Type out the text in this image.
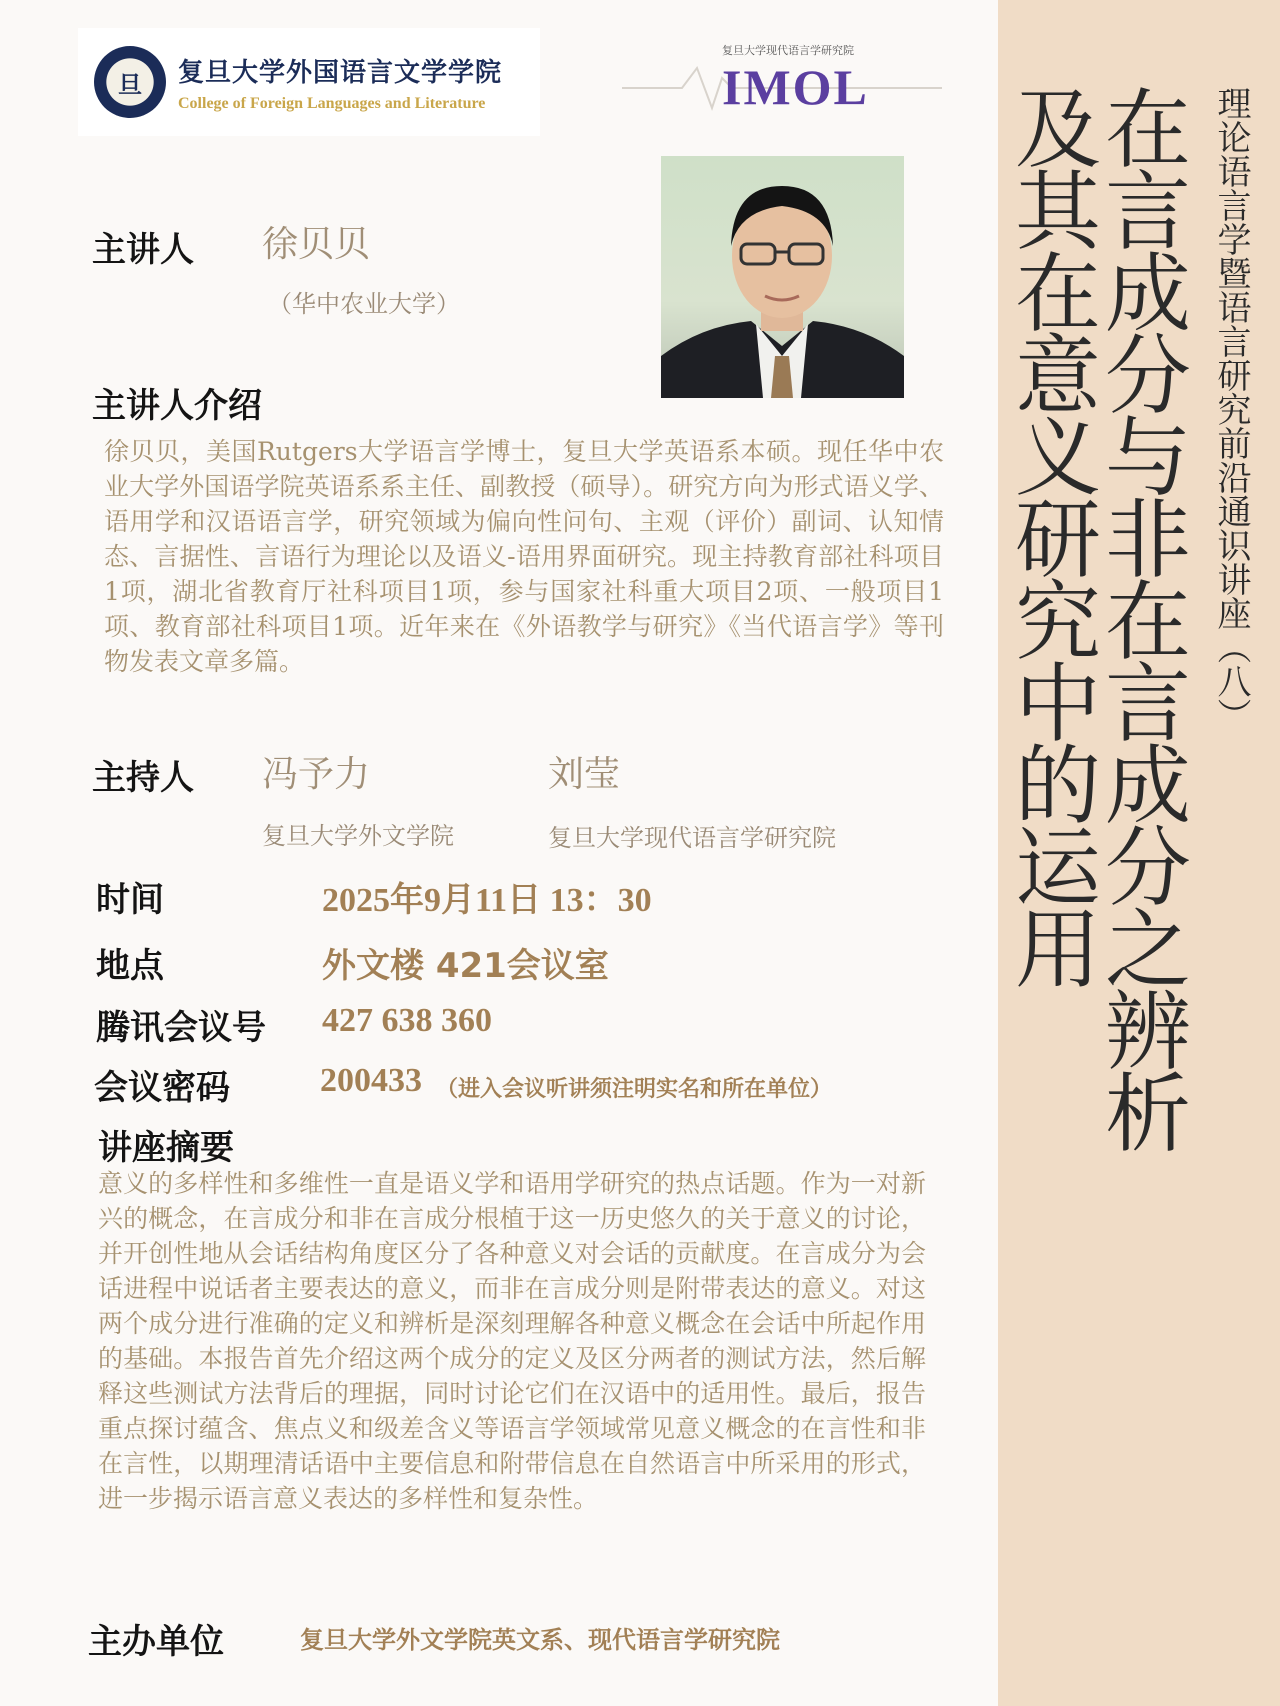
旦	复旦大学外国语言文学学院
College of Foreign Languages and Literature
复旦大学现代语言学研究院
IMOL	理论语言学暨语言研究前沿通识讲座（八）
在言成分与非在言成分之辨析
及其在意义研究中的运用
主讲人 徐贝贝
（华中农业大学）
主讲人介绍
徐贝贝，美国Rutgers大学语言学博士，复旦大学英语系本硕。现任华中农业大学外国语学院英语系系主任、副教授（硕导）。研究方向为形式语义学、语用学和汉语语言学，研究领域为偏向性问句、主观（评价）副词、认知情态、言据性、言语行为理论以及语义-语用界面研究。现主持教育部社科项目1项，湖北省教育厅社科项目1项，参与国家社科重大项目2项、一般项目1项、教育部社科项目1项。近年来在《外语教学与研究》《当代语言学》等刊物发表文章多篇。
主持人 冯予力	刘莹
复旦大学外文学院	复旦大学现代语言学研究院
时间	2025年9月11日 13：30
地点	外文楼 421会议室
腾讯会议号 427 638 360
会议密码	200433 （进入会议听讲须注明实名和所在单位）
讲座摘要
意义的多样性和多维性一直是语义学和语用学研究的热点话题。作为一对新兴的概念，在言成分和非在言成分根植于这一历史悠久的关于意义的讨论，并开创性地从会话结构角度区分了各种意义对会话的贡献度。在言成分为会话进程中说话者主要表达的意义，而非在言成分则是附带表达的意义。对这两个成分进行准确的定义和辨析是深刻理解各种意义概念在会话中所起作用的基础。本报告首先介绍这两个成分的定义及区分两者的测试方法，然后解释这些测试方法背后的理据，同时讨论它们在汉语中的适用性。最后，报告重点探讨蕴含、焦点义和级差含义等语言学领域常见意义概念的在言性和非在言性，以期理清话语中主要信息和附带信息在自然语言中所采用的形式，进一步揭示语言意义表达的多样性和复杂性。
主办单位	复旦大学外文学院英文系、现代语言学研究院
